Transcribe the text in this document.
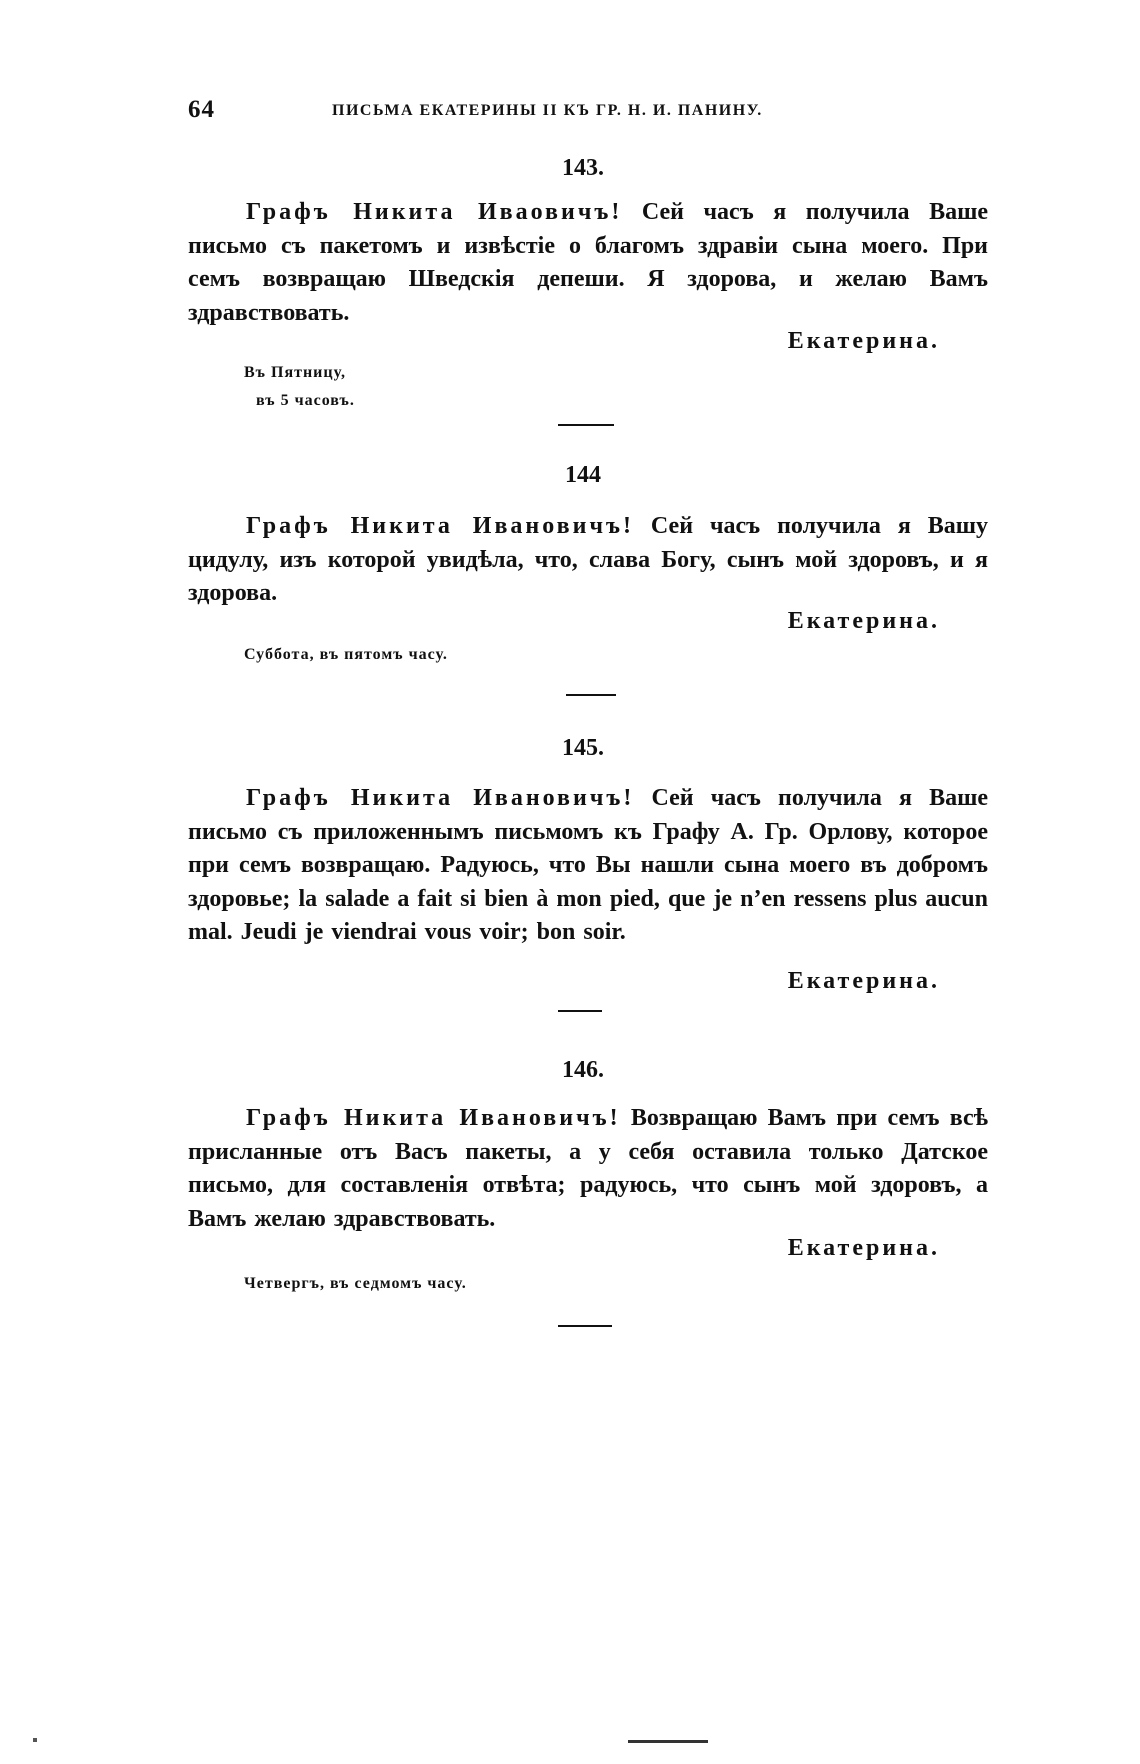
64	ПИСЬМА ЕКАТЕРИНЫ II КЪ ГР. Н. И. ПАНИНУ.
143.
Графъ Никита Иваовичъ! Сей часъ я получила Ваше письмо съ пакетомъ и извѣстіе о благомъ здравіи сына моего. При семъ возвращаю Шведскія депеши. Я здорова, и желаю Вамъ здравствовать.
Екатерина.
Въ Пятницу,
въ 5 часовъ.
144
Графъ Никита Ивановичъ! Сей часъ получила я Вашу цидулу, изъ которой увидѣла, что, слава Богу, сынъ мой здоровъ, и я здорова.
Екатерина.
Суббота, въ пятомъ часу.
145.
Графъ Никита Ивановичъ! Сей часъ получила я Ваше письмо съ приложеннымъ письмомъ къ Графу А. Гр. Орлову, которое при семъ возвращаю. Радуюсь, что Вы нашли сына моего въ добромъ здоровье; la salade a fait si bien à mon pied, que je n’en ressens plus aucun mal. Jeudi je viendrai vous voir; bon soir.
Екатерина.
146.
Графъ Никита Ивановичъ! Возвращаю Вамъ при семъ всѣ присланные отъ Васъ пакеты, а у себя оставила только Датское письмо, для составленія отвѣта; радуюсь, что сынъ мой здоровъ, а Вамъ желаю здравствовать.
Екатерина.
Четвергъ, въ седмомъ часу.
